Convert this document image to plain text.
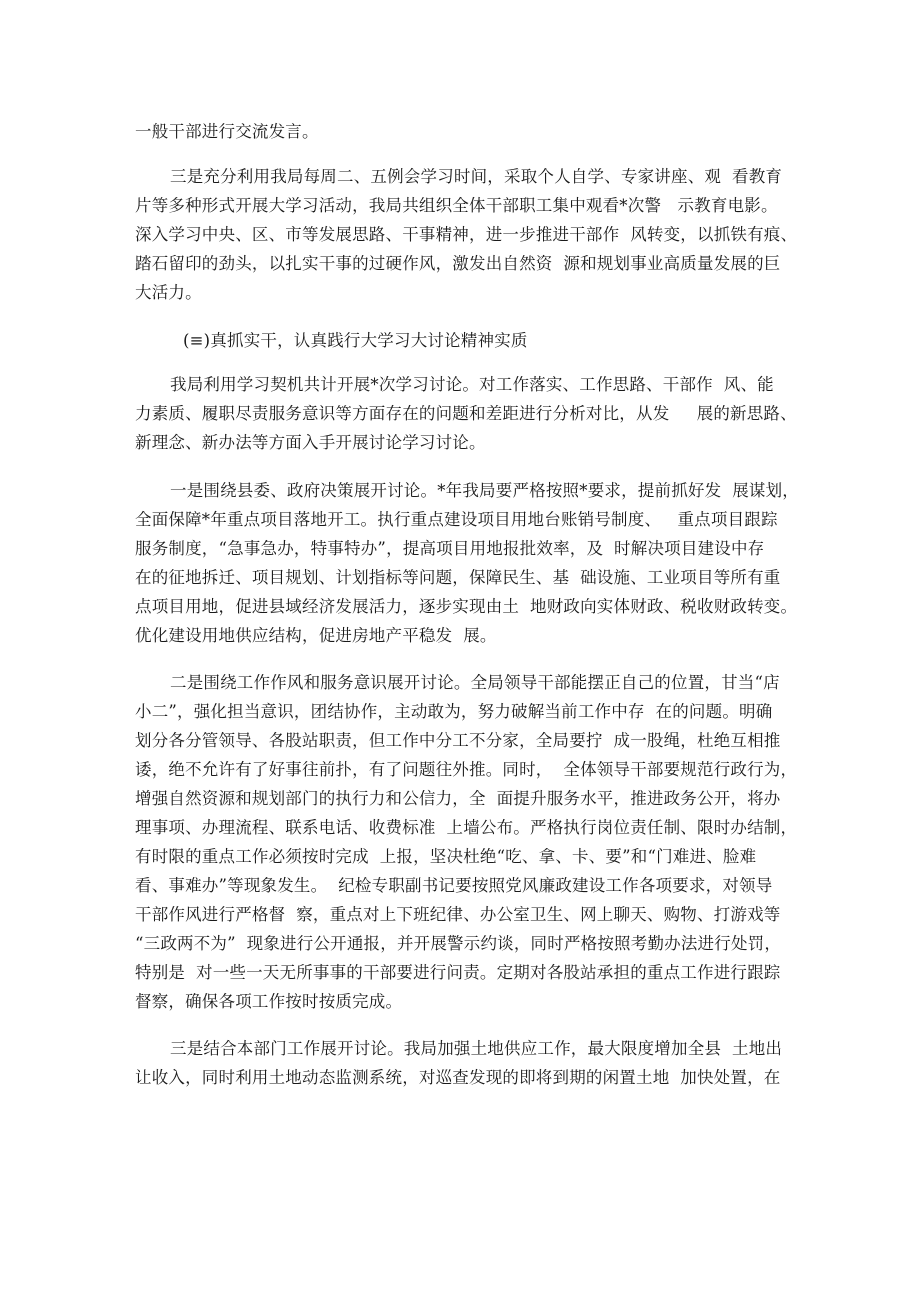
一般干部进行交流发言。

三是充分利用我局每周二、五例会学习时间，采取个人自学、专家讲座、观  看教育

片等多种形式开展大学习活动，我局共组织全体干部职工集中观看*次警   示教育电影。

深入学习中央、区、市等发展思路、干事精神，进一步推进干部作  风转变，以抓铁有痕、

踏石留印的劲头，以扎实干事的过硬作风，激发出自然资  源和规划事业高质量发展的巨

大活力。

(≡)真抓实干，认真践行大学习大讨论精神实质

我局利用学习契机共计开展*次学习讨论。对工作落实、工作思路、干部作  风、能

力素质、履职尽责服务意识等方面存在的问题和差距进行分析对比，从发     展的新思路、

新理念、新办法等方面入手开展讨论学习讨论。

一是围绕县委、政府决策展开讨论。*年我局要严格按照*要求，提前抓好发  展谋划，

全面保障*年重点项目落地开工。执行重点建设项目用地台账销号制度、   重点项目跟踪

服务制度，“急事急办，特事特办”，提高项目用地报批效率，及  时解决项目建设中存

在的征地拆迁、项目规划、计划指标等问题，保障民生、基  础设施、工业项目等所有重

点项目用地，促进县域经济发展活力，逐步实现由土  地财政向实体财政、税收财政转变。

优化建设用地供应结构，促进房地产平稳发  展。

二是围绕工作作风和服务意识展开讨论。全局领导干部能摆正自己的位置，甘当“店

小二”，强化担当意识，团结协作，主动敢为，努力破解当前工作中存  在的问题。明确

划分各分管领导、各股站职责，但工作中分工不分家，全局要拧  成一股绳，杜绝互相推

诿，绝不允许有了好事往前扑，有了问题往外推。同时，  全体领导干部要规范行政行为，

增强自然资源和规划部门的执行力和公信力，全  面提升服务水平，推进政务公开，将办

理事项、办理流程、联系电话、收费标准  上墙公布。严格执行岗位责任制、限时办结制，

有时限的重点工作必须按时完成  上报，坚决杜绝“吃、拿、卡、要”和“门难进、脸难

看、事难办”等现象发生。  纪检专职副书记要按照党风廉政建设工作各项要求，对领导

干部作风进行严格督  察，重点对上下班纪律、办公室卫生、网上聊天、购物、打游戏等

“三政两不为”  现象进行公开通报，并开展警示约谈，同时严格按照考勤办法进行处罚，

特别是  对一些一天无所事事的干部要进行问责。定期对各股站承担的重点工作进行跟踪

督察，确保各项工作按时按质完成。

三是结合本部门工作展开讨论。我局加强土地供应工作，最大限度增加全县  土地出

让收入，同时利用土地动态监测系统，对巡查发现的即将到期的闲置土地  加快处置，在
